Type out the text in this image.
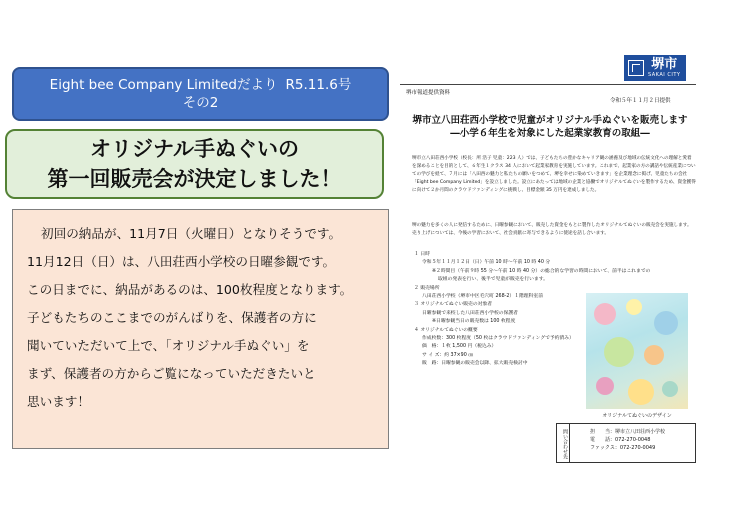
Eight bee Company Limitedだより R5.11.6号
その2
オリジナル手ぬぐいの
第一回販売会が決定しました！

初回の納品が、11月7日（火曜日）となりそうです。

11月12日（日）は、八田荘西小学校の日曜参観です。

この日までに、納品があるのは、100枚程度となります。

子どもたちのここまでのがんばりを、保護者の方に

聞いていただいて上で、「オリジナル手ぬぐい」を

まず、保護者の方からご覧になっていただきたいと

思います！

堺市
SAKAI CITY
堺市報道提供資料
令和５年１１月２日提供
堺市立八田荘西小学校で児童がオリジナル手ぬぐいを販売します
―小学６年生を対象にした起業家教育の取組―
堺市立八田荘西小学校（校長：所 浩子 児童：223 人）では、子どもたちの豊かなキャリア観の涵養及び地域の伝統文化への理解と愛着を深めることを目的として、６年生１クラス 34 人において起業家教育を実施しています。これまで、起業家の方の講話や伝統産業についての学びを経て、７月には「八田西の魅力と私たちの願いをつめて、堺を幸せに染めていきます」を企業理念に掲げ、児童たちの会社「Eight bee Company Limited」を設立しました。設立にあたっては地域の企業と協働でオリジナルてぬぐいを製作するため、資金獲得に向けて２か月間のクラウドファンディングに挑戦し、目標金額 35 万円を達成しました。
堺の魅力を多くの人に発信するために、日曜参観において、販売した資金をもとに製作したオリジナルてぬぐいの販売会を実施します。売り上げについては、今後の学習において、社会貢献に寄与できるように使途を話し合います。
１ 日時
令和５年１１月１２日（日）午前 10 時～午前 10 時 40 分
※２時間目（午前９時 55 分～午前 10 時 40 分）の総合的な学習の時間において、前半はこれまでの
取組の発表を行い、後半で児童が販売を行います。
２ 販売場所
八田荘西小学校（堺市中区毛穴町 268-2）１階理科室前
３ オリジナルてぬぐい販売の対象者
日曜参観で来校した八田荘西小学校の保護者
※日曜参観当日の販売数は 100 枚程度
４ オリジナルてぬぐいの概要
作成枚数：300 枚程度（50 枚はクラウドファンディングで予約済み）
価　格：１枚 1,500 円（税込み）
サ イ ズ：約 37×90 ㎝
販　路：日曜参観の販売会以降、拡大販売検討中
オリジナルてぬぐいのデザイン
問い合わせ先	担　　当：堺市立八田荘西小学校
電　　話：072-270-0048
ファックス：072-270-0049
